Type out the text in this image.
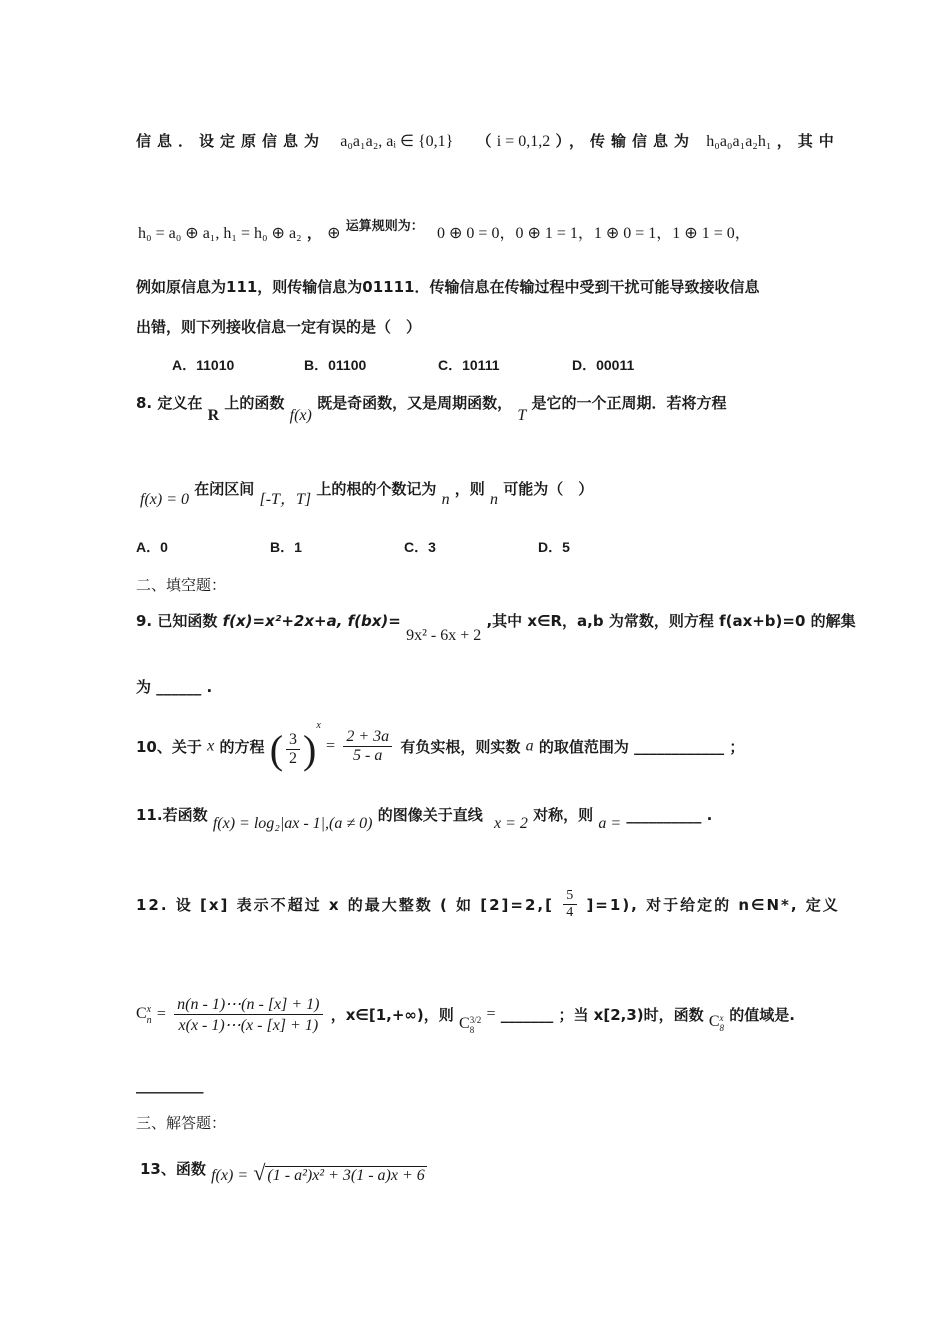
信息．设定原信息为 a₀a₁a₂, aᵢ ∈ {0,1} （ i = 0,1,2 ），传输信息为 h₀a₀a₁a₂h₁ ，其中
h₀ = a₀ ⊕ a₁, h₁ = h₀ ⊕ a₂ ， ⊕ 运算规则为： 0 ⊕ 0 = 0，0 ⊕ 1 = 1，1 ⊕ 0 = 1，1 ⊕ 1 = 0，
例如原信息为111，则传输信息为01111．传输信息在传输过程中受到干扰可能导致接收信息
出错，则下列接收信息一定有误的是（　）
A．11010	B．01100	C．10111	D．00011
8. 定义在 R 上的函数 f(x) 既是奇函数，又是周期函数， T 是它的一个正周期．若将方程
f(x) = 0 在闭区间 [-T，T] 上的根的个数记为 n ，则 n 可能为（　）
A．0	B．1	C．3	D．5
二、填空题：
9. 已知函数 f(x)=x²+2x+a, f(bx)= 9x² - 6x + 2 ,其中 x∈R，a,b 为常数，则方程 f(ax+b)=0 的解集
为 ______ .
10、关于 x 的方程 ( $\frac{3}{2} )^x = \frac{2 + 3a}{5 - a}$ 有负实根，则实数 a 的取值范围为 ____________ ；
11.若函数 f(x) = log₂|ax - 1|,(a ≠ 0) 的图像关于直线 x = 2 对称，则 a = __________ .
12. 设 [x] 表示不超过 x 的最大整数 ( 如 $[2]=2,[ \frac{5}{4} ]=1$), 对于给定的 n∈N*, 定义
C x
$n = \frac{n(n - 1)\cdots(n - [x] + 1)}{x(x - 1)\cdots(x - [x] + 1)}$ ，x∈[1,+∞)，则 C 3/2
8
= _______ ；当 x[2,3)时，函数 C x
8
的值域是.
_________
三、解答题：
13、函数 f(x) = √ (1 - a²)x² + 3(1 - a)x + 6
